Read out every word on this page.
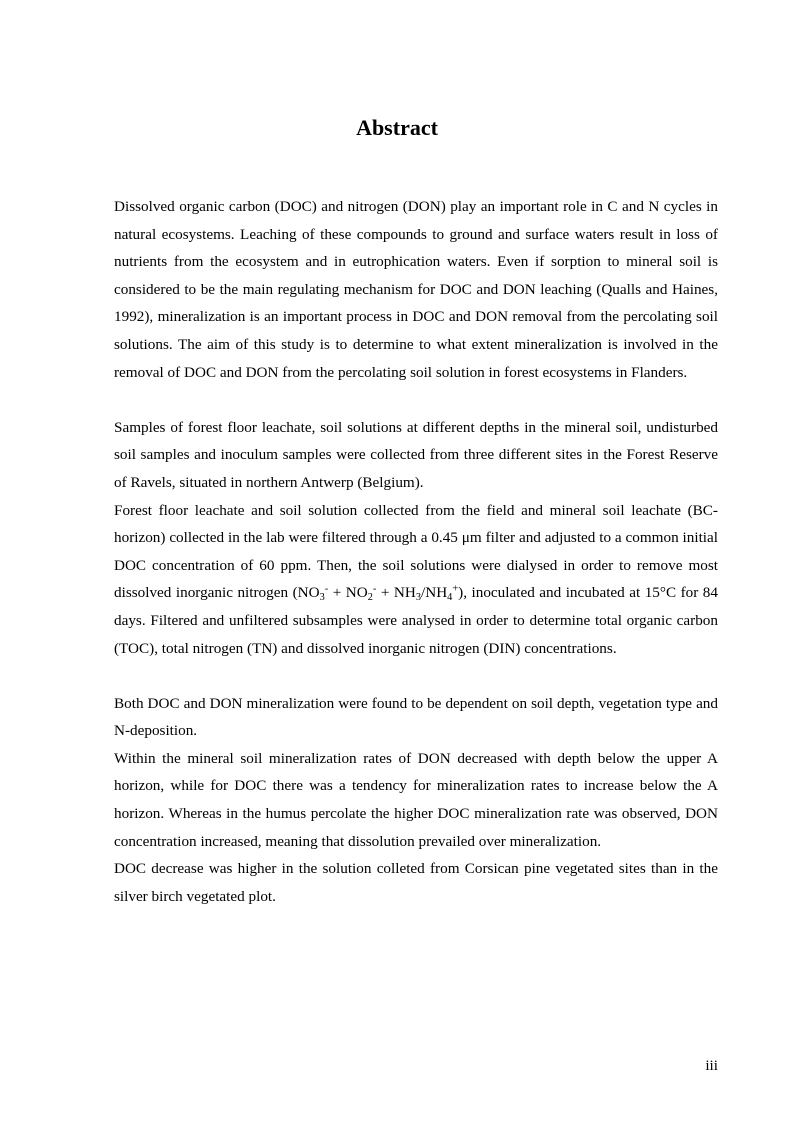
Abstract

Dissolved organic carbon (DOC) and nitrogen (DON) play an important role in C and N cycles in natural ecosystems. Leaching of these compounds to ground and surface waters result in loss of nutrients from the ecosystem and in eutrophication waters. Even if sorption to mineral soil is considered to be the main regulating mechanism for DOC and DON leaching (Qualls and Haines, 1992), mineralization is an important process in DOC and DON removal from the percolating soil solutions. The aim of this study is to determine to what extent mineralization is involved in the removal of DOC and DON from the percolating soil solution in forest ecosystems in Flanders.

Samples of forest floor leachate, soil solutions at different depths in the mineral soil, undisturbed soil samples and inoculum samples were collected from three different sites in the Forest Reserve of Ravels, situated in northern Antwerp (Belgium).

Forest floor leachate and soil solution collected from the field and mineral soil leachate (BC-horizon) collected in the lab were filtered through a 0.45 μm filter and adjusted to a common initial DOC concentration of 60 ppm. Then, the soil solutions were dialysed in order to remove most dissolved inorganic nitrogen $(NO_3^- + NO_2^- + NH_3/NH_4^+)$, inoculated and incubated at 15°C for 84 days. Filtered and unfiltered subsamples were analysed in order to determine total organic carbon (TOC), total nitrogen (TN) and dissolved inorganic nitrogen (DIN) concentrations.

Both DOC and DON mineralization were found to be dependent on soil depth, vegetation type and N-deposition.

Within the mineral soil mineralization rates of DON decreased with depth below the upper A horizon, while for DOC there was a tendency for mineralization rates to increase below the A horizon. Whereas in the humus percolate the higher DOC mineralization rate was observed, DON concentration increased, meaning that dissolution prevailed over mineralization.

DOC decrease was higher in the solution colleted from Corsican pine vegetated sites than in the silver birch vegetated plot.

iii
